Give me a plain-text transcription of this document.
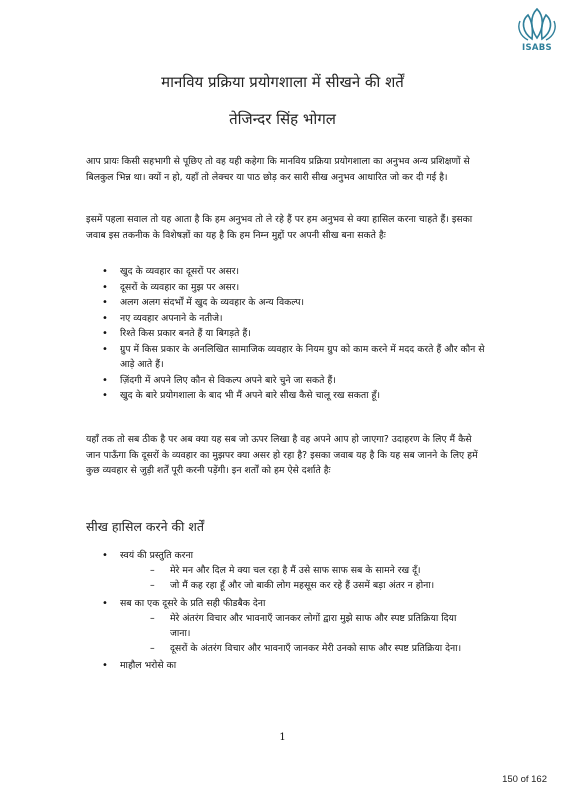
ISABS
मानविय प्रक्रिया प्रयोगशाला में सीखने की शर्तें
तेजिन्दर सिंह भोगल

आप प्रायः किसी सहभागी से पूछिए तो वह यही कहेगा कि मानविय प्रक्रिया प्रयोगशाला का अनुभव अन्य प्रशिक्षणों से बिलकुल भिन्न था। क्यों न हो, यहाँ तो लेक्चर या पाठ छोड़ कर सारी सीख अनुभव आधारित जो कर दी गई है।

इसमें पहला सवाल तो यह आता है कि हम अनुभव तो ले रहे हैं पर हम अनुभव से क्या हासिल करना चाहते हैं। इसका जवाब इस तकनीक के विशेषज्ञों का यह है कि हम निम्न मुद्दों पर अपनी सीख बना सकते हैः

• खुद के व्यवहार का दूसरों पर असर।
• दूसरों के व्यवहार का मुझ पर असर।
• अलग अलग संदर्भों में खुद के व्यवहार के अन्य विकल्प।
• नए व्यवहार अपनाने के नतीजे।
• रिश्ते किस प्रकार बनते हैं या बिगड़ते हैं।
• ग्रुप में किस प्रकार के अनलिखित सामाजिक व्यवहार के नियम ग्रुप को काम करने में मदद करते हैं और कौन से आड़े आते हैं।
• ज़िंदगी में अपने लिए कौन से विकल्प अपने बारे चुने जा सकते हैं।
• खुद के बारे प्रयोगशाला के बाद भी मैं अपने बारे सीख कैसे चालू रख सकता हूँ।

यहाँ तक तो सब ठीक है पर अब क्या यह सब जो ऊपर लिखा है वह अपने आप हो जाएगा? उदाहरण के लिए मैं कैसे जान पाऊँगा कि दूसरों के व्यवहार का मुझपर क्या असर हो रहा है? इसका जवाब यह है कि यह सब जानने के लिए हमें कुछ व्यवहार से जुड़ी शर्तें पूरी करनी पड़ेंगी। इन शर्तों को हम ऐसे दर्शाते हैः

सीख हासिल करने की शर्तें
• स्वयं की प्रस्तुति करना
– मेरे मन और दिल मे क्या चल रहा है मैं उसे साफ साफ सब के सामने रख दूँ।
– जो मैं कह रहा हूँ और जो बाकी लोग महसूस कर रहे हैं उसमें बड़ा अंतर न होना।
• सब का एक दूसरे के प्रति सही फीडबैक देना
– मेरे अंतरंग विचार और भावनाएँ जानकर लोगों द्वारा मुझे साफ और स्पष्ट प्रतिक्रिया दिया जाना।
– दूसरों के अंतरंग विचार और भावनाएँ जानकर मेरी उनको साफ और स्पष्ट प्रतिक्रिया देना।
• माहौल भरोसे का
1
150 of 162
